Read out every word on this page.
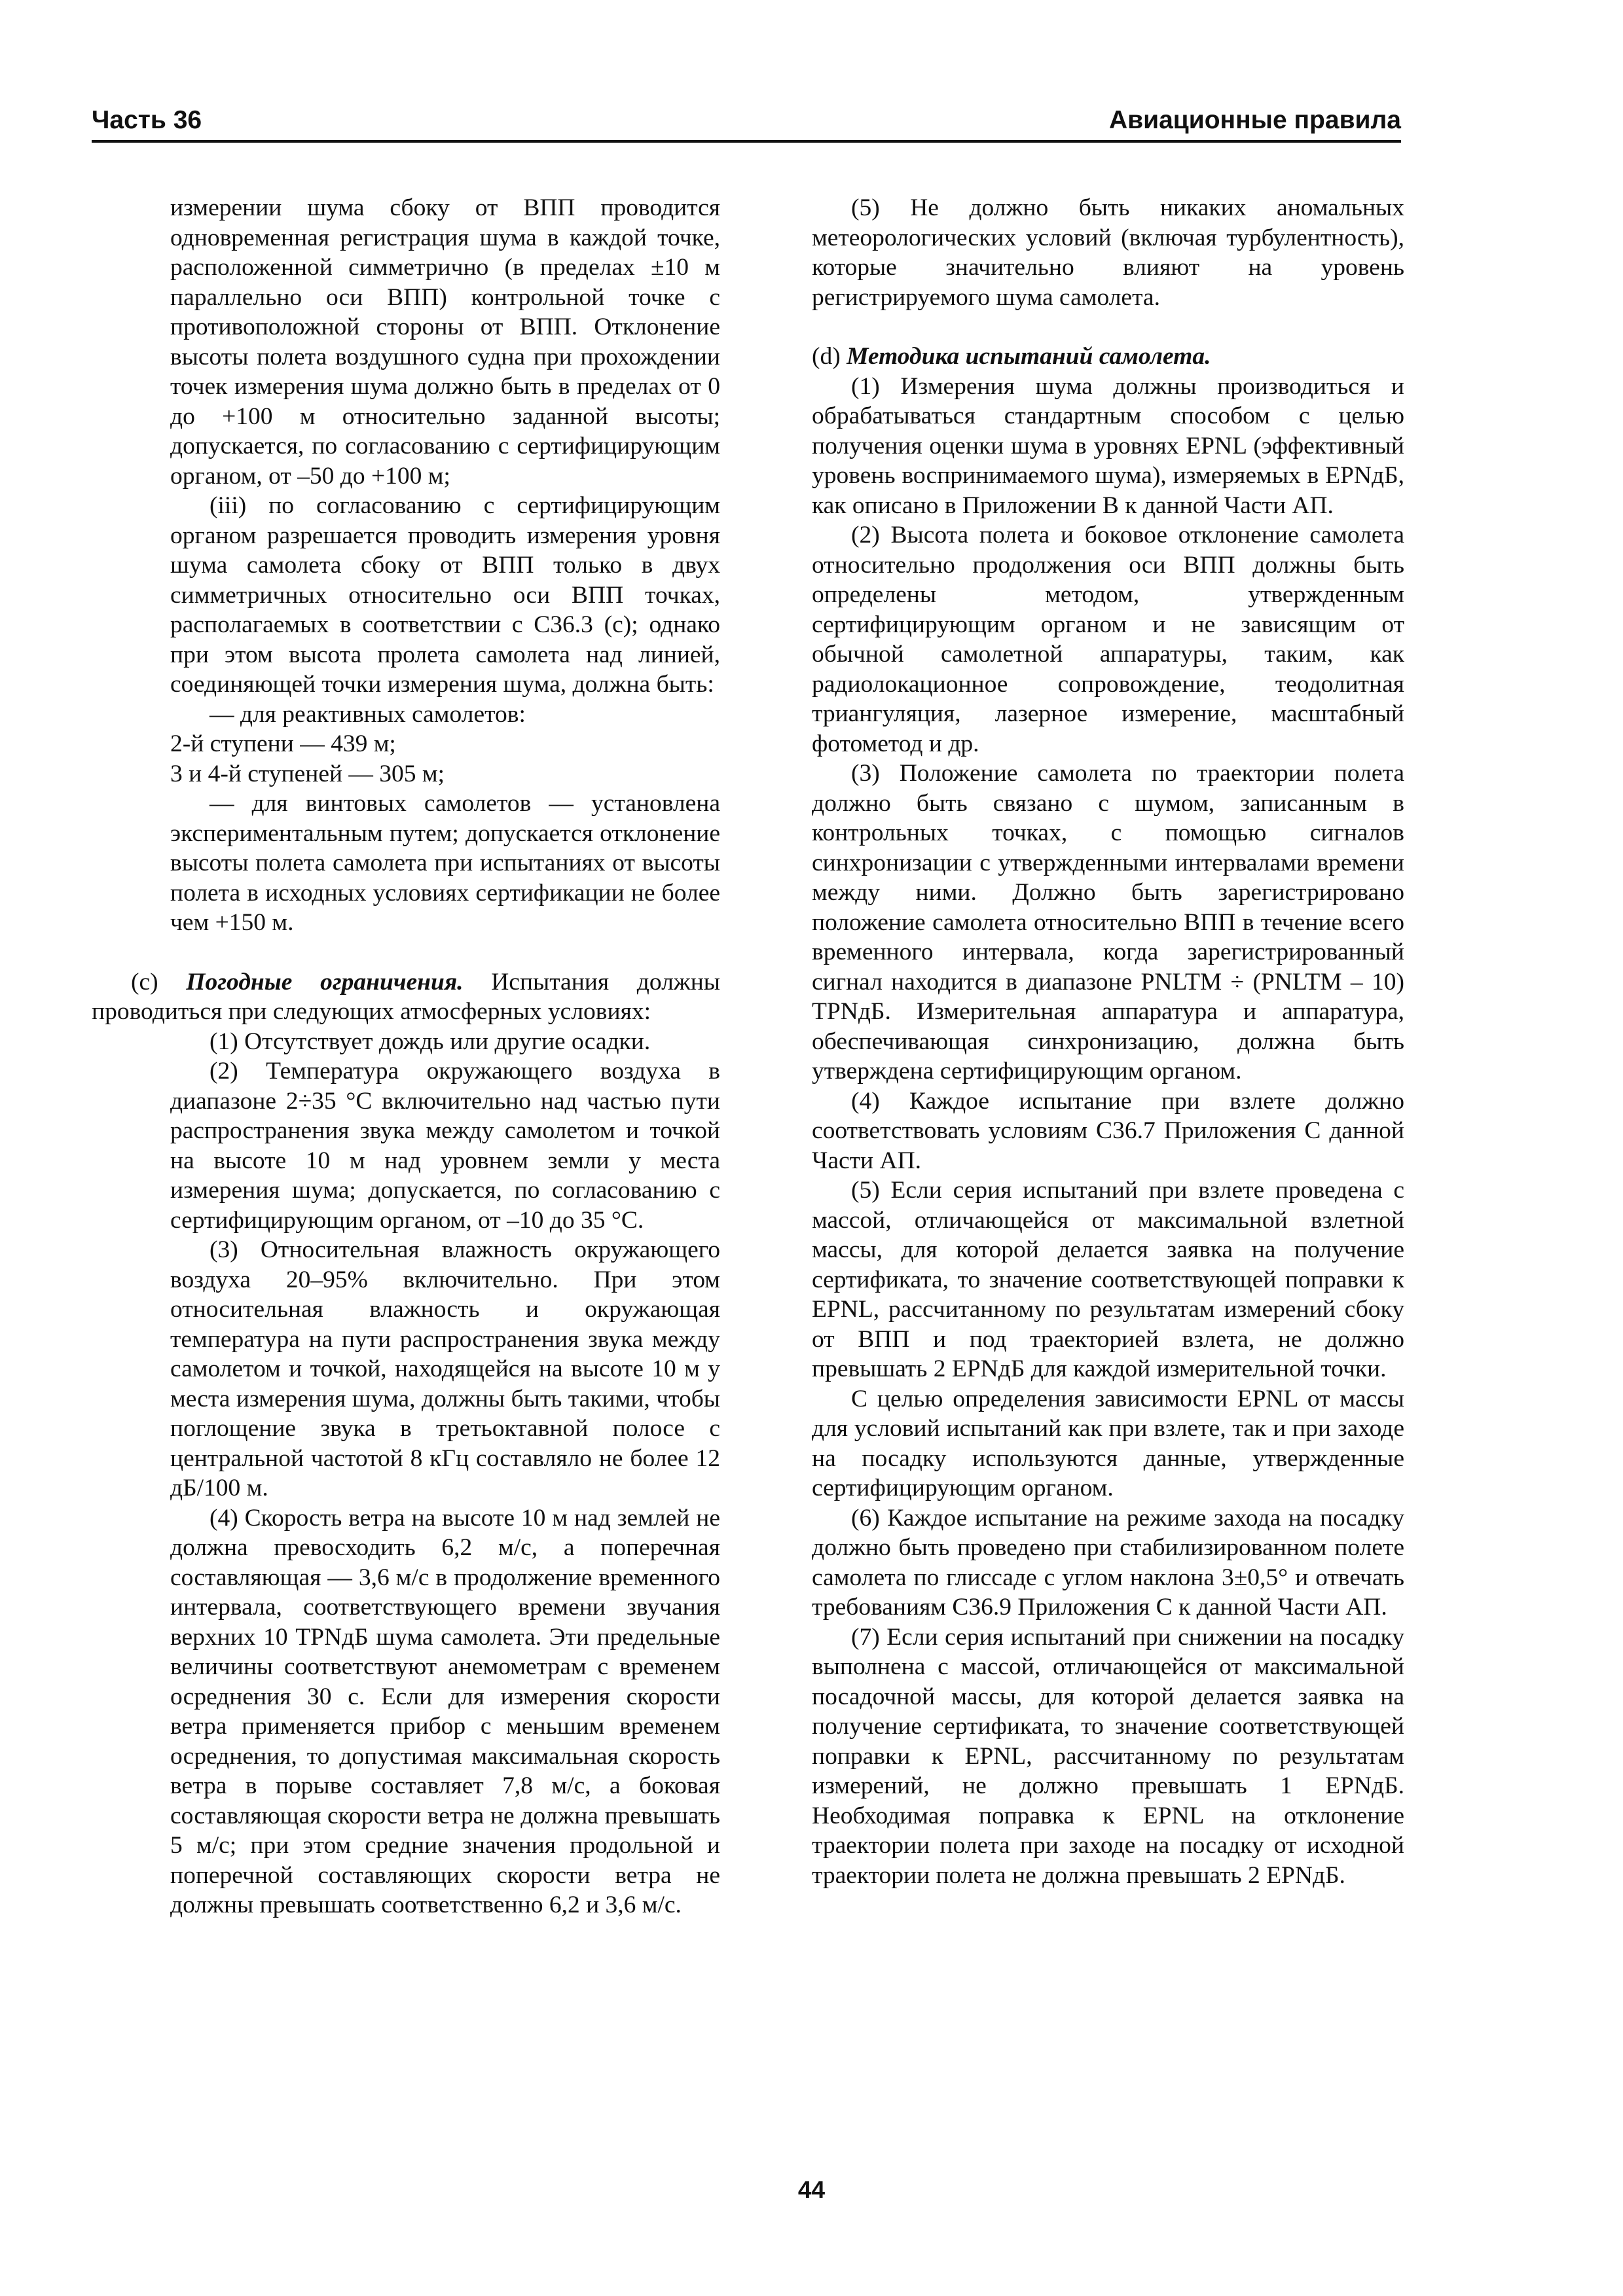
Часть 36	Авиационные правила

измерении шума сбоку от ВПП проводится одновременная регистрация шума в каждой точке, расположенной симметрично (в пределах ±10 м параллельно оси ВПП) контрольной точке с противоположной стороны от ВПП. Отклонение высоты полета воздушного судна при прохождении точек измерения шума должно быть в пределах от 0 до +100 м относительно заданной высоты; допускается, по согласованию с сертифицирующим органом, от –50 до +100 м;

(iii) по согласованию с сертифицирующим органом разрешается проводить измерения уровня шума самолета сбоку от ВПП только в двух симметричных относительно оси ВПП точках, располагаемых в соответствии с С36.3 (с); однако при этом высота пролета самолета над линией, соединяющей точки измерения шума, должна быть:

— для реактивных самолетов:

2-й ступени — 439 м;

3 и 4-й ступеней — 305 м;

— для винтовых самолетов — установлена экспериментальным путем; допускается отклонение высоты полета самолета при испытаниях от высоты полета в исходных условиях сертификации не более чем +150 м.

(с) Погодные ограничения. Испытания должны проводиться при следующих атмосферных условиях:

(1) Отсутствует дождь или другие осадки.

(2) Температура окружающего воздуха в диапазоне 2÷35 °С включительно над частью пути распространения звука между самолетом и точкой на высоте 10 м над уровнем земли у места измерения шума; допускается, по согласованию с сертифицирующим органом, от –10 до 35 °С.

(3) Относительная влажность окружающего воздуха 20–95% включительно. При этом относительная влажность и окружающая температура на пути распространения звука между самолетом и точкой, находящейся на высоте 10 м у места измерения шума, должны быть такими, чтобы поглощение звука в третьоктавной полосе с центральной частотой 8 кГц составляло не более 12 дБ/100 м.

(4) Скорость ветра на высоте 10 м над землей не должна превосходить 6,2 м/с, а поперечная составляющая — 3,6 м/с в продолжение временного интервала, соответствующего времени звучания верхних 10 ТРNдБ шума самолета. Эти предельные величины соответствуют анемометрам с временем осреднения 30 с. Если для измерения скорости ветра применяется прибор с меньшим временем осреднения, то допустимая максимальная скорость ветра в порыве составляет 7,8 м/с, а боковая составляющая скорости ветра не должна превышать 5 м/с; при этом средние значения продольной и поперечной составляющих скорости ветра не должны превышать соответственно 6,2 и 3,6 м/с.

(5) Не должно быть никаких аномальных метеорологических условий (включая турбулентность), которые значительно влияют на уровень регистрируемого шума самолета.

(d) Методика испытаний самолета.

(1) Измерения шума должны производиться и обрабатываться стандартным способом с целью получения оценки шума в уровнях EPNL (эффективный уровень воспринимаемого шума), измеряемых в EPNдБ, как описано в Приложении В к данной Части АП.

(2) Высота полета и боковое отклонение самолета относительно продолжения оси ВПП должны быть определены методом, утвержденным сертифицирующим органом и не зависящим от обычной самолетной аппаратуры, таким, как радиолокационное сопровождение, теодолитная триангуляция, лазерное измерение, масштабный фотометод и др.

(3) Положение самолета по траектории полета должно быть связано с шумом, записанным в контрольных точках, с помощью сигналов синхронизации с утвержденными интервалами времени между ними. Должно быть зарегистрировано положение самолета относительно ВПП в течение всего временного интервала, когда зарегистрированный сигнал находится в диапазоне PNLTM ÷ (PNLTM – 10) TPNдБ. Измерительная аппаратура и аппаратура, обеспечивающая синхронизацию, должна быть утверждена сертифицирующим органом.

(4) Каждое испытание при взлете должно соответствовать условиям С36.7 Приложения С данной Части АП.

(5) Если серия испытаний при взлете проведена с массой, отличающейся от максимальной взлетной массы, для которой делается заявка на получение сертификата, то значение соответствующей поправки к EPNL, рассчитанному по результатам измерений сбоку от ВПП и под траекторией взлета, не должно превышать 2 EPNдБ для каждой измерительной точки.

С целью определения зависимости EPNL от массы для условий испытаний как при взлете, так и при заходе на посадку используются данные, утвержденные сертифицирующим органом.

(6) Каждое испытание на режиме захода на посадку должно быть проведено при стабилизированном полете самолета по глиссаде с углом наклона 3±0,5° и отвечать требованиям С36.9 Приложения С к данной Части АП.

(7) Если серия испытаний при снижении на посадку выполнена с массой, отличающейся от максимальной посадочной массы, для которой делается заявка на получение сертификата, то значение соответствующей поправки к EPNL, рассчитанному по результатам измерений, не должно превышать 1 EPNдБ. Необходимая поправка к EPNL на отклонение траектории полета при заходе на посадку от исходной траектории полета не должна превышать 2 EPNдБ.

44
